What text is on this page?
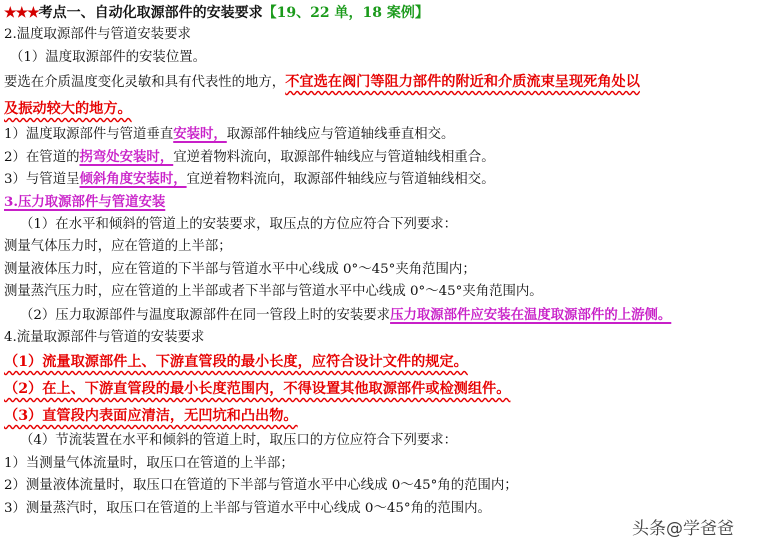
★★★考点一、自动化取源部件的安装要求【19、22 单，18 案例】
2.温度取源部件与管道安装要求
（1）温度取源部件的安装位置。
要选在介质温度变化灵敏和具有代表性的地方，不宜选在阀门等阻力部件的附近和介质流束呈现死角处以
及振动较大的地方。
1）温度取源部件与管道垂直安装时，取源部件轴线应与管道轴线垂直相交。
2）在管道的拐弯处安装时，宜逆着物料流向，取源部件轴线应与管道轴线相重合。
3）与管道呈倾斜角度安装时，宜逆着物料流向，取源部件轴线应与管道轴线相交。
3.压力取源部件与管道安装
（1）在水平和倾斜的管道上的安装要求，取压点的方位应符合下列要求：
测量气体压力时，应在管道的上半部；
测量液体压力时，应在管道的下半部与管道水平中心线成 0°～45°夹角范围内；
测量蒸汽压力时，应在管道的上半部或者下半部与管道水平中心线成 0°～45°夹角范围内。
（2）压力取源部件与温度取源部件在同一管段上时的安装要求压力取源部件应安装在温度取源部件的上游侧。
4.流量取源部件与管道的安装要求
（1）流量取源部件上、下游直管段的最小长度，应符合设计文件的规定。
（2）在上、下游直管段的最小长度范围内，不得设置其他取源部件或检测组件。
（3）直管段内表面应清洁，无凹坑和凸出物。
（4）节流装置在水平和倾斜的管道上时，取压口的方位应符合下列要求：
1）当测量气体流量时，取压口在管道的上半部；
2）测量液体流量时，取压口在管道的下半部与管道水平中心线成 0～45°角的范围内；
3）测量蒸汽时，取压口在管道的上半部与管道水平中心线成 0～45°角的范围内。
头条@学爸爸
